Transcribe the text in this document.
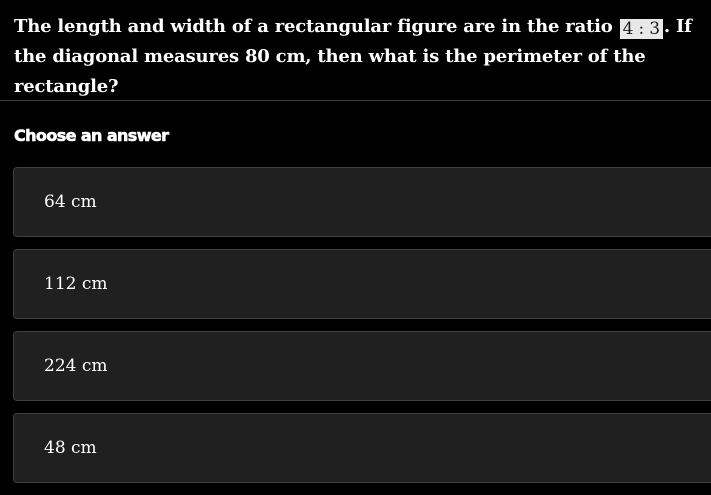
The length and width of a rectangular figure are in the ratio 4 : 3 . If the diagonal measures 80 cm, then what is the perimeter of the rectangle?
Choose an answer
64 cm
112 cm
224 cm
48 cm
